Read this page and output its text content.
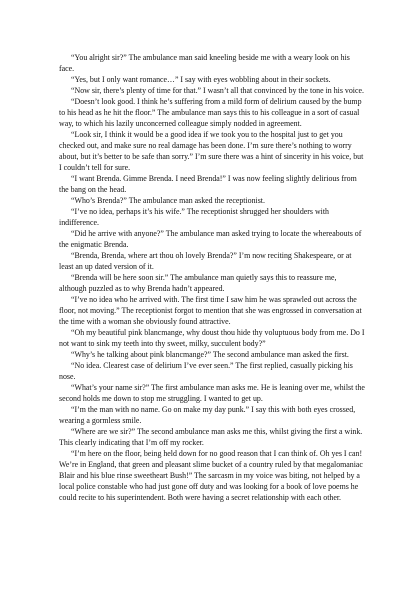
“You alright sir?” The ambulance man said kneeling beside me with a weary look on his face.

“Yes, but I only want romance…” I say with eyes wobbling about in their sockets.

“Now sir, there’s plenty of time for that.” I wasn’t all that convinced by the tone in his voice.

“Doesn’t look good. I think he’s suffering from a mild form of delirium caused by the bump to his head as he hit the floor.” The ambulance man says this to his colleague in a sort of casual way, to which his lazily unconcerned colleague simply nodded in agreement.

“Look sir, I think it would be a good idea if we took you to the hospital just to get you checked out, and make sure no real damage has been done. I’m sure there’s nothing to worry about, but it’s better to be safe than sorry.” I’m sure there was a hint of sincerity in his voice, but I couldn’t tell for sure.

“I want Brenda. Gimme Brenda. I need Brenda!” I was now feeling slightly delirious from the bang on the head.

“Who’s Brenda?” The ambulance man asked the receptionist.

“I’ve no idea, perhaps it’s his wife.” The receptionist shrugged her shoulders with indifference.

“Did he arrive with anyone?” The ambulance man asked trying to locate the whereabouts of the enigmatic Brenda.

“Brenda, Brenda, where art thou oh lovely Brenda?” I’m now reciting Shakespeare, or at least an up dated version of it.

“Brenda will be here soon sir.” The ambulance man quietly says this to reassure me, although puzzled as to why Brenda hadn’t appeared.

“I’ve no idea who he arrived with. The first time I saw him he was sprawled out across the floor, not moving.” The receptionist forgot to mention that she was engrossed in conversation at the time with a woman she obviously found attractive.

“Oh my beautiful pink blancmange, why doust thou hide thy voluptuous body from me. Do I not want to sink my teeth into thy sweet, milky, succulent body?”

“Why’s he talking about pink blancmange?” The second ambulance man asked the first.

“No idea. Clearest case of delirium I’ve ever seen.” The first replied, casually picking his nose.

“What’s your name sir?” The first ambulance man asks me. He is leaning over me, whilst the second holds me down to stop me struggling. I wanted to get up.

“I’m the man with no name. Go on make my day punk.” I say this with both eyes crossed, wearing a gormless smile.

“Where are we sir?” The second ambulance man asks me this, whilst giving the first a wink. This clearly indicating that I’m off my rocker.

“I’m here on the floor, being held down for no good reason that I can think of. Oh yes I can! We’re in England, that green and pleasant slime bucket of a country ruled by that megalomaniac Blair and his blue rinse sweetheart Bush!” The sarcasm in my voice was biting, not helped by a local police constable who had just gone off duty and was looking for a book of love poems he could recite to his superintendent. Both were having a secret relationship with each other.
